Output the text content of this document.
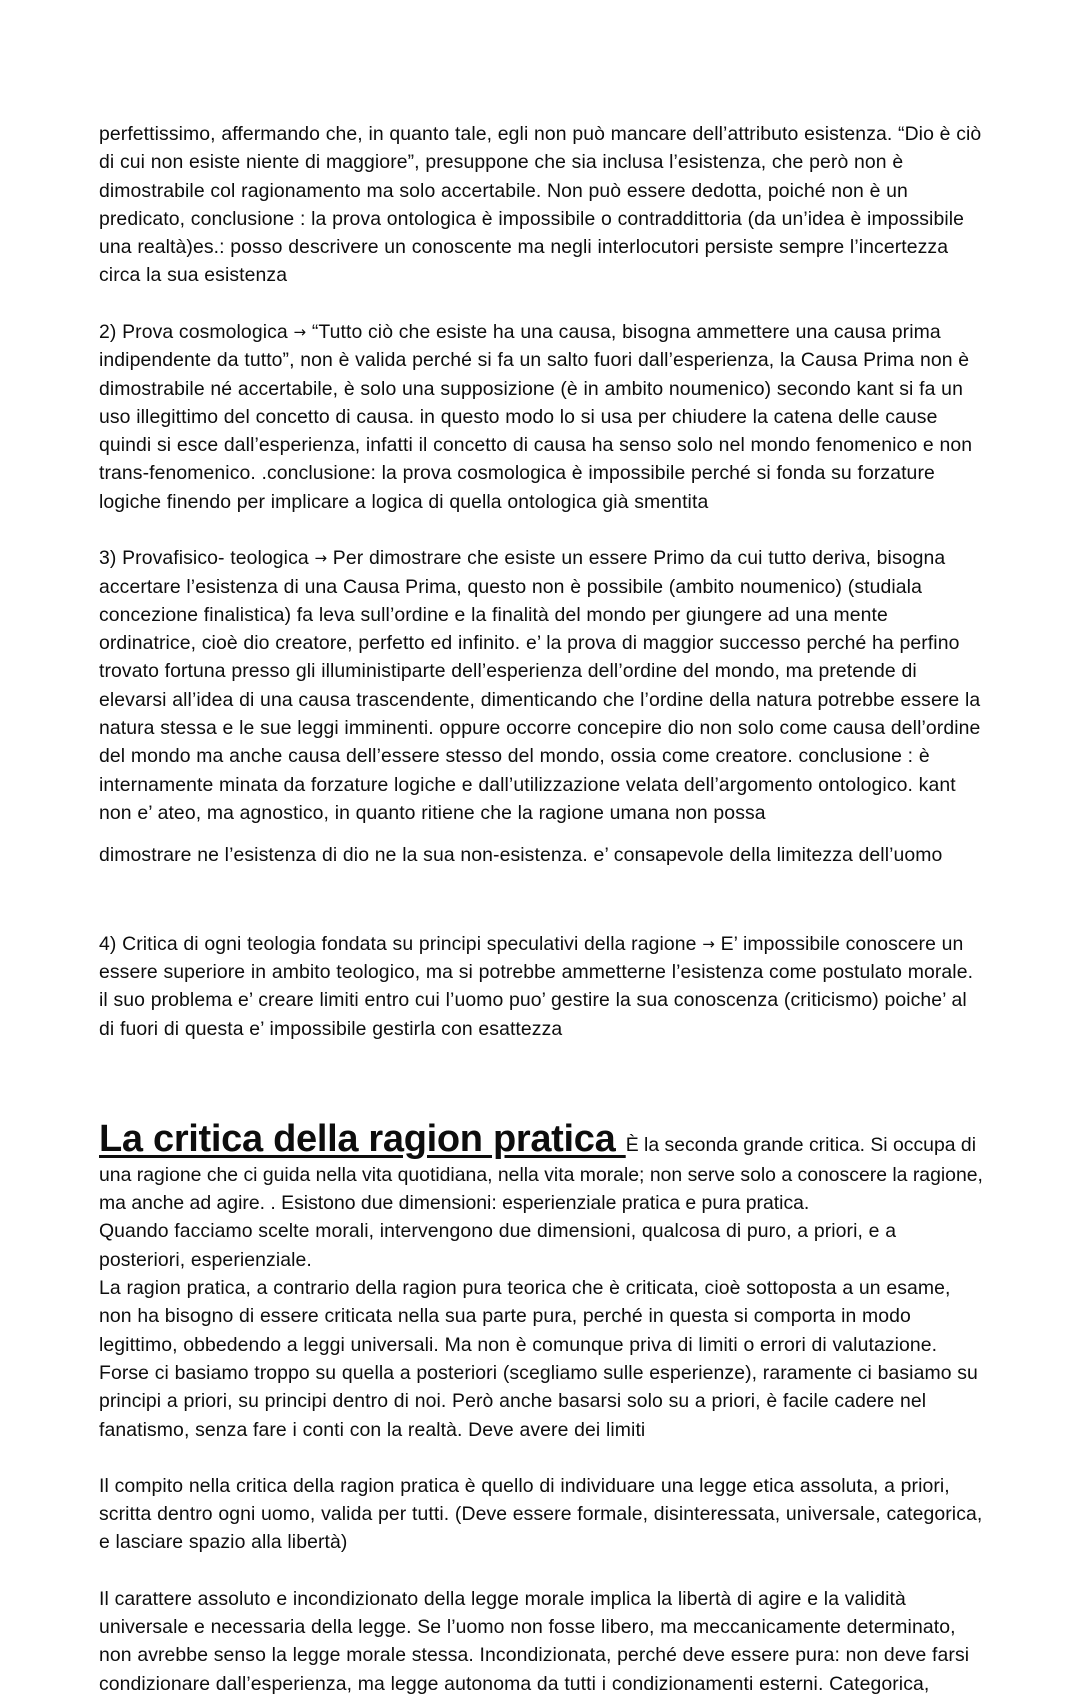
perfettissimo, affermando che, in quanto tale, egli non può mancare dell’attributo esistenza. “Dio è ciò di cui non esiste niente di maggiore”, presuppone che sia inclusa l’esistenza, che però non è dimostrabile col ragionamento ma solo accertabile. Non può essere dedotta, poiché non è un predicato, conclusione : la prova ontologica è impossibile o contraddittoria (da un’idea è impossibile una realtà)es.: posso descrivere un conoscente ma negli interlocutori persiste sempre l’incertezza circa la sua esistenza

2) Prova cosmologica → “Tutto ciò che esiste ha una causa, bisogna ammettere una causa prima indipendente da tutto”, non è valida perché si fa un salto fuori dall’esperienza, la Causa Prima non è dimostrabile né accertabile, è solo una supposizione (è in ambito noumenico) secondo kant si fa un uso illegittimo del concetto di causa. in questo modo lo si usa per chiudere la catena delle cause quindi si esce dall’esperienza, infatti il concetto di causa ha senso solo nel mondo fenomenico e non trans-fenomenico. .conclusione: la prova cosmologica è impossibile perché si fonda su forzature logiche finendo per implicare a logica di quella ontologica già smentita

3) Provafisico- teologica → Per dimostrare che esiste un essere Primo da cui tutto deriva, bisogna accertare l’esistenza di una Causa Prima, questo non è possibile (ambito noumenico) (studiala concezione finalistica) fa leva sull’ordine e la finalità del mondo per giungere ad una mente ordinatrice, cioè dio creatore, perfetto ed infinito. e’ la prova di maggior successo perché ha perfino trovato fortuna presso gli illuministiparte dell’esperienza dell’ordine del mondo, ma pretende di elevarsi all’idea di una causa trascendente, dimenticando che l’ordine della natura potrebbe essere la natura stessa e le sue leggi imminenti. oppure occorre concepire dio non solo come causa dell’ordine del mondo ma anche causa dell’essere stesso del mondo, ossia come creatore. conclusione : è internamente minata da forzature logiche e dall’utilizzazione velata dell’argomento ontologico. kant non e’ ateo, ma agnostico, in quanto ritiene che la ragione umana non possa

dimostrare ne l’esistenza di dio ne la sua non-esistenza. e’ consapevole della limitezza dell’uomo

4) Critica di ogni teologia fondata su principi speculativi della ragione → E’ impossibile conoscere un essere superiore in ambito teologico, ma si potrebbe ammetterne l’esistenza come postulato morale. il suo problema e’ creare limiti entro cui l’uomo puo’ gestire la sua conoscenza (criticismo) poiche’ al di fuori di questa e’ impossibile gestirla con esattezza

La critica della ragion pratica È la seconda grande critica. Si occupa di una ragione che ci guida nella vita quotidiana, nella vita morale; non serve solo a conoscere la ragione, ma anche ad agire. . Esistono due dimensioni: esperienziale pratica e pura pratica.

Quando facciamo scelte morali, intervengono due dimensioni, qualcosa di puro, a priori, e a posteriori, esperienziale.

La ragion pratica, a contrario della ragion pura teorica che è criticata, cioè sottoposta a un esame, non ha bisogno di essere criticata nella sua parte pura, perché in questa si comporta in modo legittimo, obbedendo a leggi universali. Ma non è comunque priva di limiti o errori di valutazione. Forse ci basiamo troppo su quella a posteriori (scegliamo sulle esperienze), raramente ci basiamo su principi a priori, su principi dentro di noi. Però anche basarsi solo su a priori, è facile cadere nel fanatismo, senza fare i conti con la realtà. Deve avere dei limiti

Il compito nella critica della ragion pratica è quello di individuare una legge etica assoluta, a priori, scritta dentro ogni uomo, valida per tutti. (Deve essere formale, disinteressata, universale, categorica, e lasciare spazio alla libertà)

Il carattere assoluto e incondizionato della legge morale implica la libertà di agire e la validità universale e necessaria della legge. Se l’uomo non fosse libero, ma meccanicamente determinato, non avrebbe senso la legge morale stessa. Incondizionata, perché deve essere pura: non deve farsi condizionare dall’esperienza, ma legge autonoma da tutti i condizionamenti esterni. Categorica,
